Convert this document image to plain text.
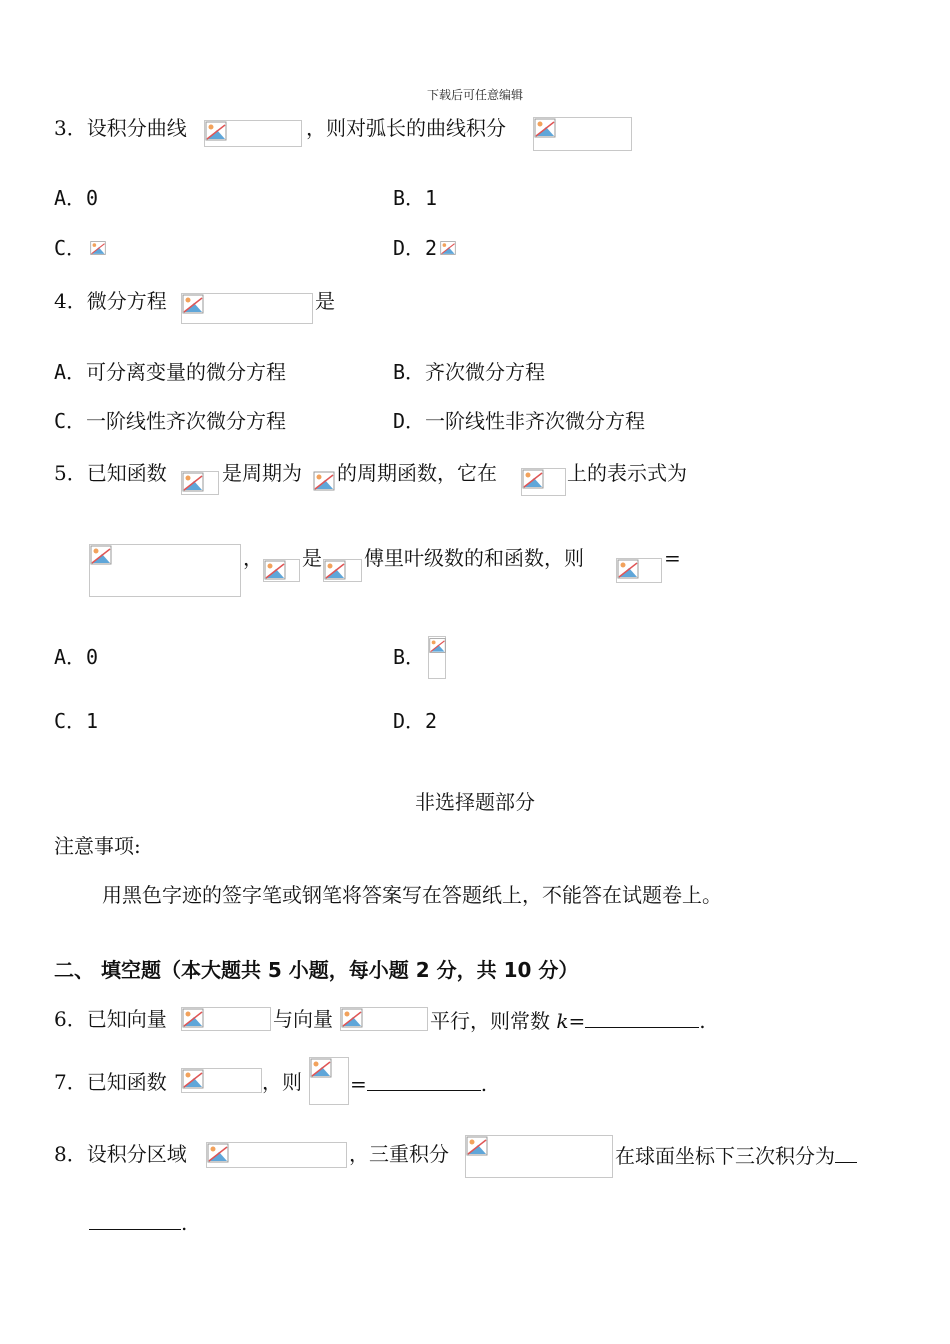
下载后可任意编辑
3．设积分曲线	，则对弧长的曲线积分
A．0	B．1
C．	D．2
4．微分方程	是
A．可分离变量的微分方程	B．齐次微分方程
C．一阶线性齐次微分方程	D．一阶线性非齐次微分方程
5．已知函数	是周期为 的周期函数，它在	上的表示式为
， 是 傅里叶级数的和函数，则	=
A．0	B．
C．1	D．2
非选择题部分
注意事项:
用黑色字迹的签字笔或钢笔将答案写在答题纸上，不能答在试题卷上。
二、 填空题（本大题共 5 小题，每小题 2 分，共 10 分）
6．已知向量	与向量	平行，则常数 k=	.
7．已知函数	，则 =	.
8．设积分区域	，三重积分	在球面坐标下三次积分为
.
